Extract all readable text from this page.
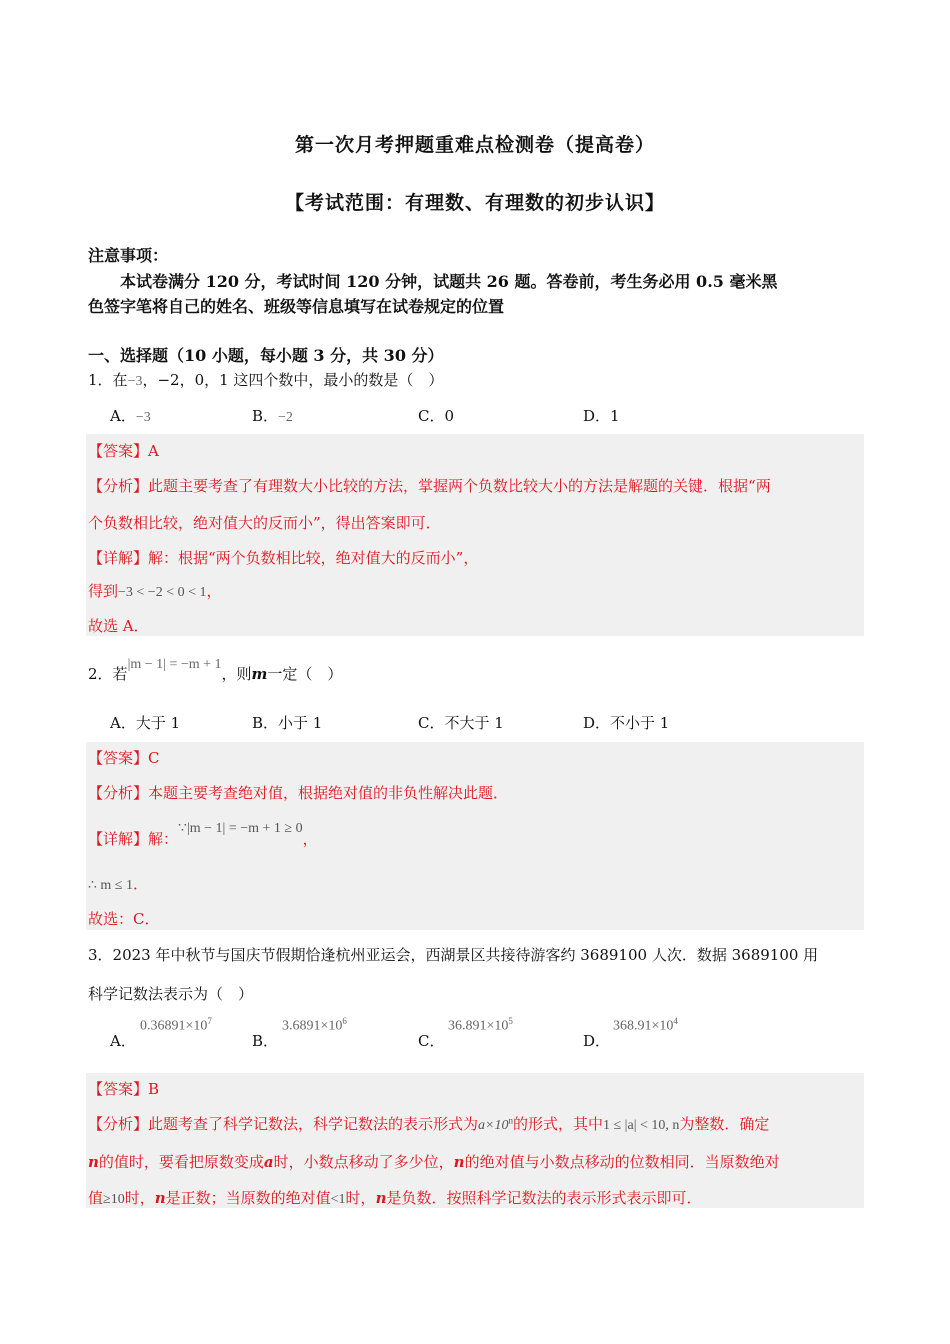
第一次月考押题重难点检测卷（提高卷）
【考试范围：有理数、有理数的初步认识】
注意事项：
本试卷满分 120 分，考试时间 120 分钟，试题共 26 题。答卷前，考生务必用 0.5 毫米黑
色签字笔将自己的姓名、班级等信息填写在试卷规定的位置
一、选择题（10 小题，每小题 3 分，共 30 分）
1．在−3，−2，0，1 这四个数中，最小的数是（　）
A．−3	B．−2	C．0	D．1
【答案】A
【分析】此题主要考查了有理数大小比较的方法，掌握两个负数比较大小的方法是解题的关键．根据“两
个负数相比较，绝对值大的反而小”，得出答案即可．
【详解】解：根据“两个负数相比较，绝对值大的反而小”，
得到−3 < −2 < 0 < 1，
故选 A．
2．若|m − 1| = −m + 1，则m一定（　）
A．大于 1	B．小于 1	C．不大于 1	D．不小于 1
【答案】C
【分析】本题主要考查绝对值，根据绝对值的非负性解决此题．
【详解】解：∵|m − 1| = −m + 1 ≥ 0，
∴ m ≤ 1．
故选：C．
3．2023 年中秋节与国庆节假期恰逢杭州亚运会，西湖景区共接待游客约 3689100 人次．数据 3689100 用
科学记数法表示为（　）
A．
$0.36891\times 10^7$
B．
$3.6891\times 10^6$
C．
$36.891\times 10^5$
D．
$368.91\times 10^4$
【答案】B
【分析】此题考查了科学记数法，科学记数法的表示形式为$a\times 10^n$的形式，其中1 ≤ |a| < 10, n为整数．确定
n的值时，要看把原数变成a时，小数点移动了多少位，n的绝对值与小数点移动的位数相同．当原数绝对
值≥10时，n是正数；当原数的绝对值<1时，n是负数．按照科学记数法的表示形式表示即可．
